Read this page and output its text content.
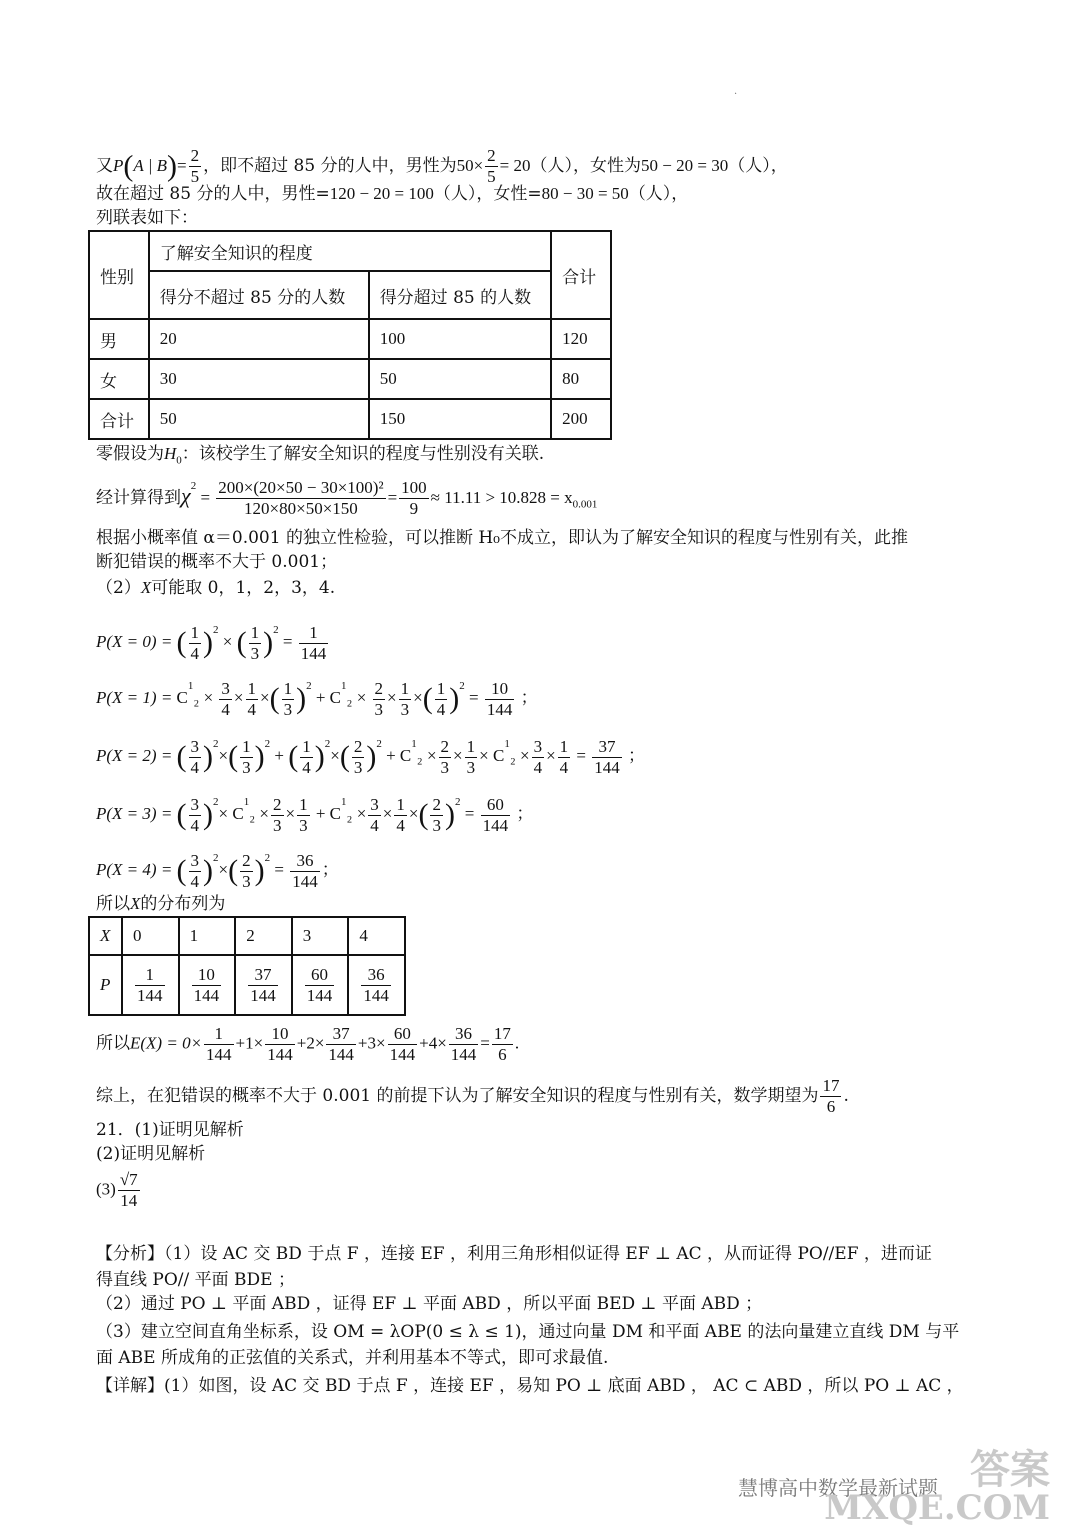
.
又P(A | $B)= \frac{2}{5}$ ，即不超过 85 分的人中，男性为$50\times \frac{2}{5} = 20$（人），女性为50 − 20 = 30（人），
故在超过 85 分的人中，男性=120 − 20 = 100（人），女性=80 − 30 = 50（人），
列联表如下：
性别	了解安全知识的程度		合计
	得分不超过 85 分的人数	得分超过 85 的人数	
男	20	100	120
女	30	50	80
合计	50	150	200
零假设为$H_0$：该校学生了解安全知识的程度与性别没有关联.
经计算得到$\chi^2 = \frac{\text{200×(20×50 − 30×100)²}}{120\times 80\times 50\times 150} = \frac{100}{9} \approx 11.11 > 10.828 = x_{0.001}$
根据小概率值 α＝0.001 的独立性检验，可以推断 H₀不成立，即认为了解安全知识的程度与性别有关，此推
断犯错误的概率不大于 0.001；
（2）X可能取 0，1，2，3，4.
P(X = 0) = ( $\frac{1}{4} )^2$ × ( $\frac{1}{3} )^2 = \frac{1}{144}$
$P(X = 1) = C^1_2 \times \frac{3}{4} \times \frac{1}{4}$ ×( $\frac{1}{3} )^2 + C^1_2 \times \frac{2}{3} \times \frac{1}{3}$ ×( $\frac{1}{4} )^2 = \frac{10}{144}$ ；
P(X = 2) = ( $\frac{3}{4} )^2\times( \frac{1}{3} )^2$ + ( $\frac{1}{4} )^2\times( \frac{2}{3} )^2 + C^1_2 \times \frac{2}{3} \times \frac{1}{3} \times C^1_2 \times \frac{3}{4} \times \frac{1}{4} = \frac{37}{144}$ ；
P(X = 3) = ( $\frac{3}{4} )^2\times C^1_2 \times \frac{2}{3} \times \frac{1}{3} + C^1_2 \times \frac{3}{4} \times \frac{1}{4}$ ×( $\frac{2}{3} )^2 = \frac{60}{144}$ ；
P(X = 4) = ( $\frac{3}{4} )^2\times( \frac{2}{3} )^2 = \frac{36}{144}$ ；
所以X的分布列为
X	0	1	2	3	4
P	$\frac{1}{144}$	$\frac{10}{144}$	$\frac{37}{144}$	$\frac{60}{144}$	$\frac{36}{144}$
所以$E(X) = 0\times \frac{1}{144} +1\times \frac{10}{144} +2\times \frac{37}{144} +3\times \frac{60}{144} +4\times \frac{36}{144} = \frac{17}{6}$ .
综上，在犯错误的概率不大于 0.001 的前提下认为了解安全知识的程度与性别有关，数学期望为 $\frac{17}{6}$ .
21．(1)证明见解析
(2)证明见解析
$(3) \frac{√7}{14}$
【分析】（1）设 AC 交 BD 于点 F ，连接 EF ，利用三角形相似证得 EF ⊥ AC ，从而证得 PO//EF ，进而证
得直线 PO// 平面 BDE ；
（2）通过 PO ⊥ 平面 ABD ，证得 EF ⊥ 平面 ABD ，所以平面 BED ⊥ 平面 ABD ；
（3）建立空间直角坐标系，设 OM = λOP(0 ≤ λ ≤ 1)，通过向量 DM 和平面 ABE 的法向量建立直线 DM 与平
面 ABE 所成角的正弦值的关系式，并利用基本不等式，即可求最值.
【详解】(1）如图，设 AC 交 BD 于点 F ，连接 EF ，易知 PO ⊥ 底面 ABD ， AC ⊂ ABD ，所以 PO ⊥ AC ，
答案
慧博高中数学最新试题
MXQE.COM
